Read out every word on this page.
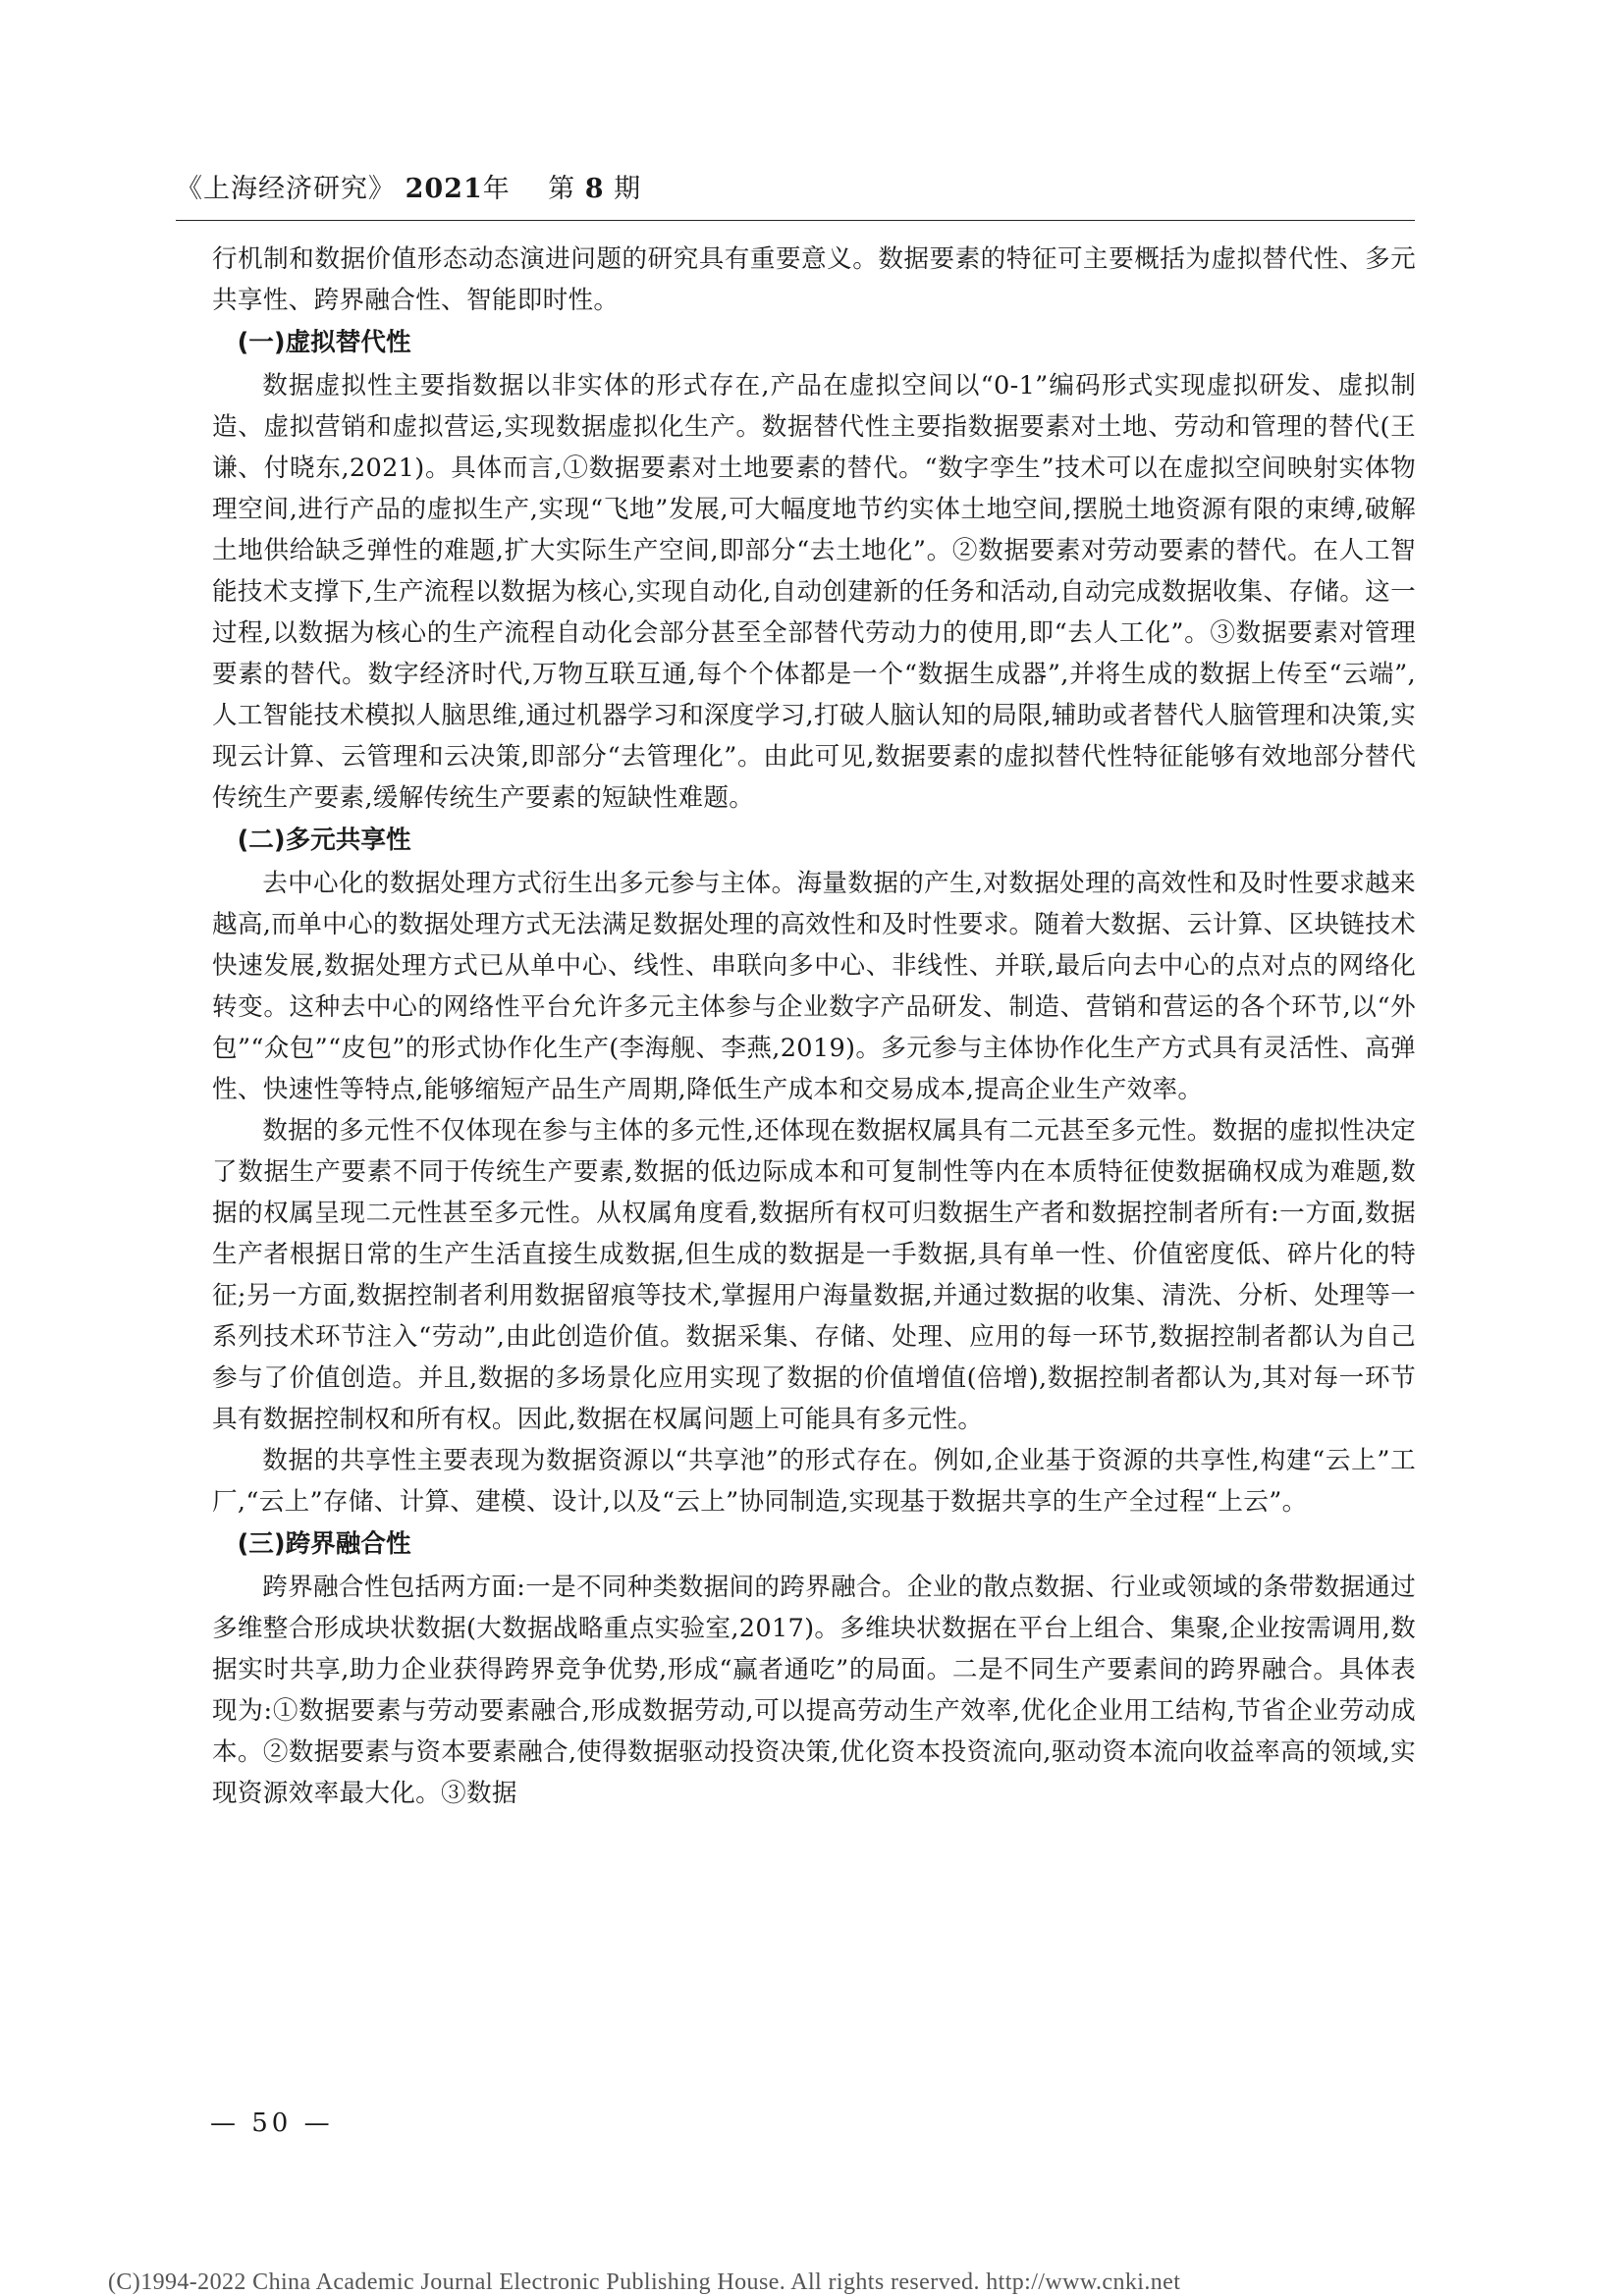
《上海经济研究》 2021年 第 8 期

行机制和数据价值形态动态演进问题的研究具有重要意义。数据要素的特征可主要概括为虚拟替代性、多元共享性、跨界融合性、智能即时性。

(一)虚拟替代性

数据虚拟性主要指数据以非实体的形式存在,产品在虚拟空间以“0-1”编码形式实现虚拟研发、虚拟制造、虚拟营销和虚拟营运,实现数据虚拟化生产。数据替代性主要指数据要素对土地、劳动和管理的替代(王谦、付晓东,2021)。具体而言,①数据要素对土地要素的替代。“数字孪生”技术可以在虚拟空间映射实体物理空间,进行产品的虚拟生产,实现“飞地”发展,可大幅度地节约实体土地空间,摆脱土地资源有限的束缚,破解土地供给缺乏弹性的难题,扩大实际生产空间,即部分“去土地化”。②数据要素对劳动要素的替代。在人工智能技术支撑下,生产流程以数据为核心,实现自动化,自动创建新的任务和活动,自动完成数据收集、存储。这一过程,以数据为核心的生产流程自动化会部分甚至全部替代劳动力的使用,即“去人工化”。③数据要素对管理要素的替代。数字经济时代,万物互联互通,每个个体都是一个“数据生成器”,并将生成的数据上传至“云端”,人工智能技术模拟人脑思维,通过机器学习和深度学习,打破人脑认知的局限,辅助或者替代人脑管理和决策,实现云计算、云管理和云决策,即部分“去管理化”。由此可见,数据要素的虚拟替代性特征能够有效地部分替代传统生产要素,缓解传统生产要素的短缺性难题。

(二)多元共享性

去中心化的数据处理方式衍生出多元参与主体。海量数据的产生,对数据处理的高效性和及时性要求越来越高,而单中心的数据处理方式无法满足数据处理的高效性和及时性要求。随着大数据、云计算、区块链技术快速发展,数据处理方式已从单中心、线性、串联向多中心、非线性、并联,最后向去中心的点对点的网络化转变。这种去中心的网络性平台允许多元主体参与企业数字产品研发、制造、营销和营运的各个环节,以“外包”“众包”“皮包”的形式协作化生产(李海舰、李燕,2019)。多元参与主体协作化生产方式具有灵活性、高弹性、快速性等特点,能够缩短产品生产周期,降低生产成本和交易成本,提高企业生产效率。

数据的多元性不仅体现在参与主体的多元性,还体现在数据权属具有二元甚至多元性。数据的虚拟性决定了数据生产要素不同于传统生产要素,数据的低边际成本和可复制性等内在本质特征使数据确权成为难题,数据的权属呈现二元性甚至多元性。从权属角度看,数据所有权可归数据生产者和数据控制者所有:一方面,数据生产者根据日常的生产生活直接生成数据,但生成的数据是一手数据,具有单一性、价值密度低、碎片化的特征;另一方面,数据控制者利用数据留痕等技术,掌握用户海量数据,并通过数据的收集、清洗、分析、处理等一系列技术环节注入“劳动”,由此创造价值。数据采集、存储、处理、应用的每一环节,数据控制者都认为自己参与了价值创造。并且,数据的多场景化应用实现了数据的价值增值(倍增),数据控制者都认为,其对每一环节具有数据控制权和所有权。因此,数据在权属问题上可能具有多元性。

数据的共享性主要表现为数据资源以“共享池”的形式存在。例如,企业基于资源的共享性,构建“云上”工厂,“云上”存储、计算、建模、设计,以及“云上”协同制造,实现基于数据共享的生产全过程“上云”。

(三)跨界融合性

跨界融合性包括两方面:一是不同种类数据间的跨界融合。企业的散点数据、行业或领域的条带数据通过多维整合形成块状数据(大数据战略重点实验室,2017)。多维块状数据在平台上组合、集聚,企业按需调用,数据实时共享,助力企业获得跨界竞争优势,形成“赢者通吃”的局面。二是不同生产要素间的跨界融合。具体表现为:①数据要素与劳动要素融合,形成数据劳动,可以提高劳动生产效率,优化企业用工结构,节省企业劳动成本。②数据要素与资本要素融合,使得数据驱动投资决策,优化资本投资流向,驱动资本流向收益率高的领域,实现资源效率最大化。③数据

— 50 —
(C)1994-2022 China Academic Journal Electronic Publishing House. All rights reserved. http://www.cnki.net
